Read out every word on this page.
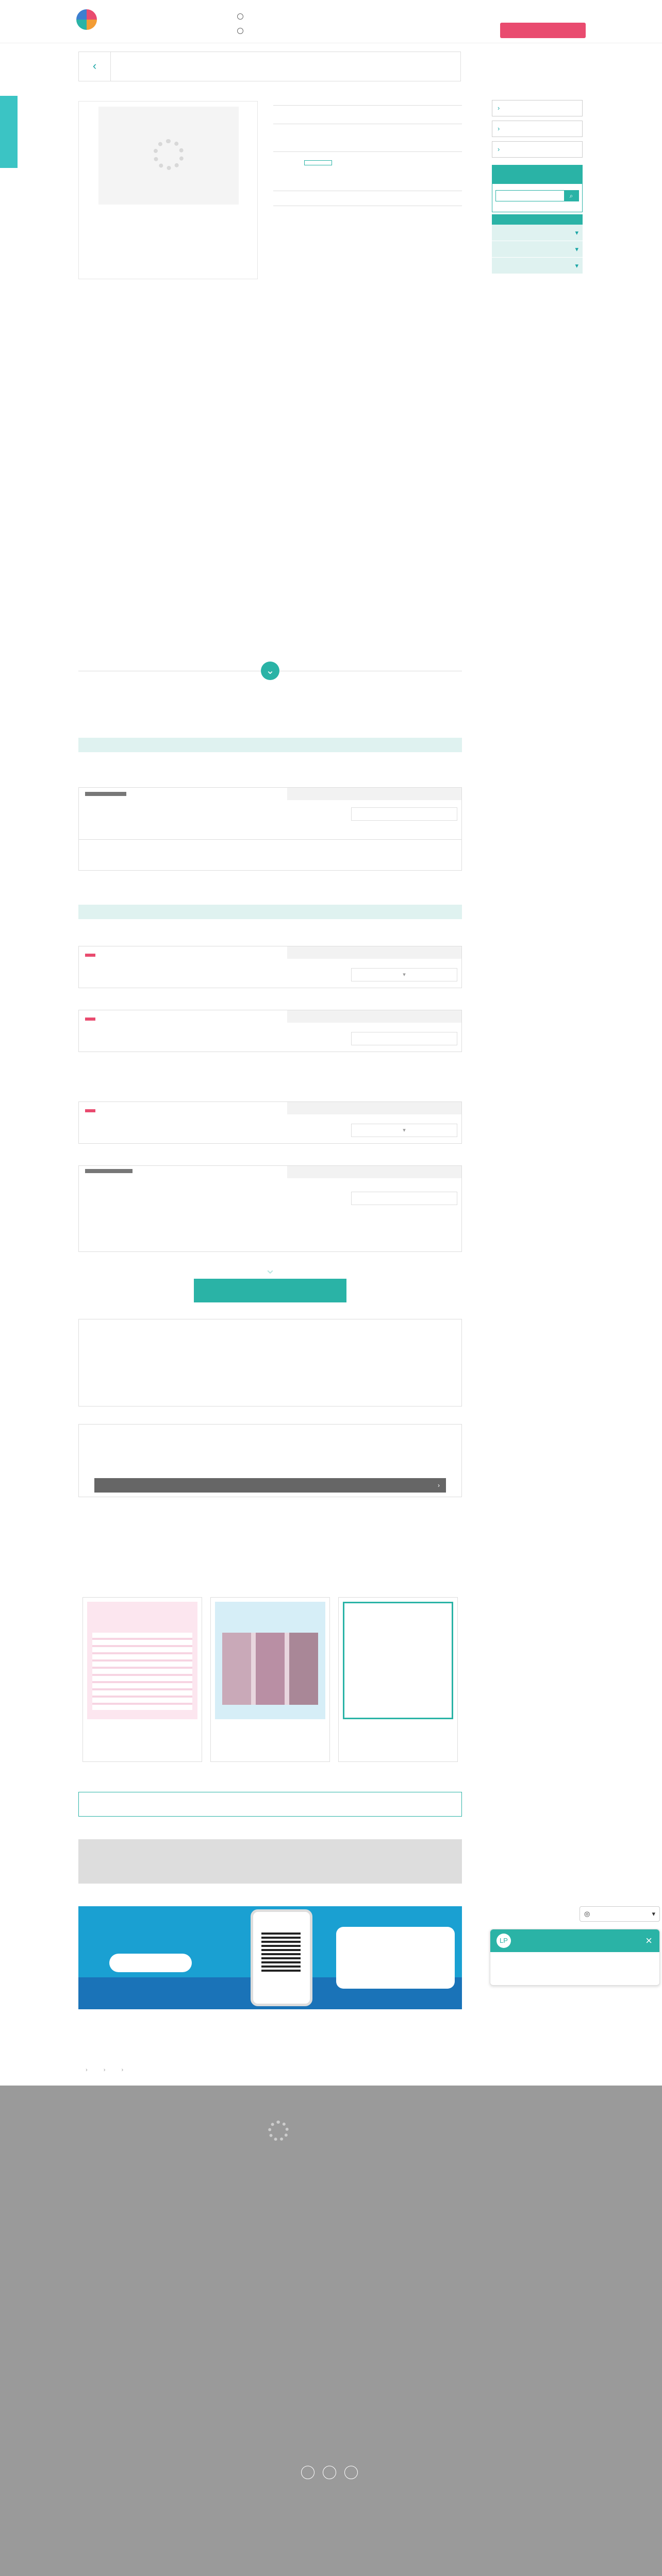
‹
⌄
▾
▾
⌄
›
›	›	›
›
›
›
⌕
▾
▾
▾
◎	▾
LP	×
